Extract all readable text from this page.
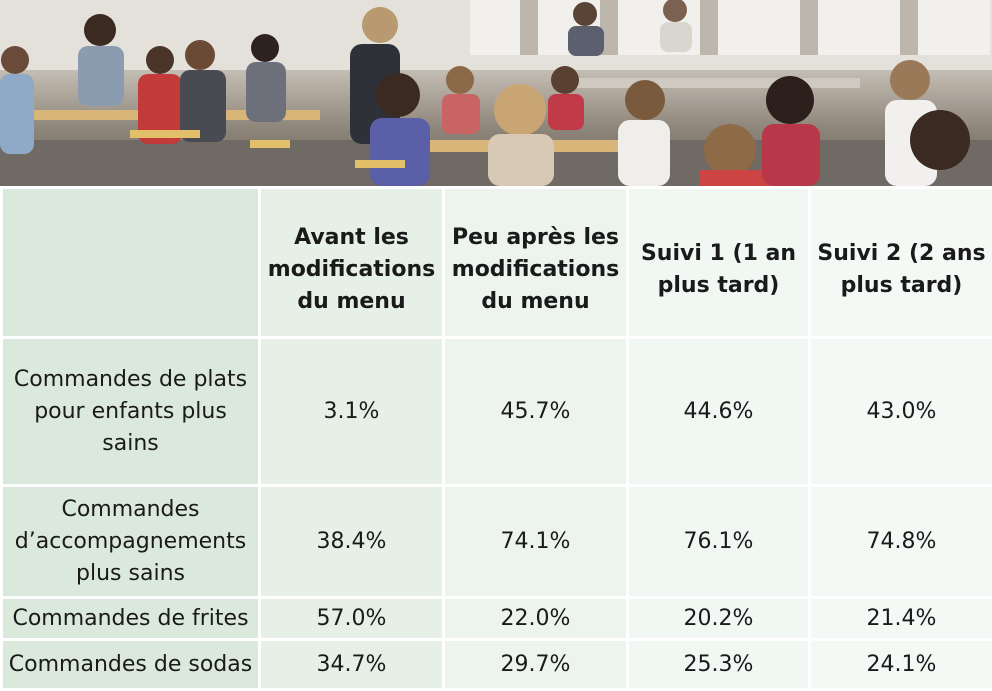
	Avant les modifications du menu	Peu après les modifications du menu	Suivi 1 (1 an plus tard)	Suivi 2 (2 ans plus tard)
Commandes de plats pour enfants plus sains	3.1%	45.7%	44.6%	43.0%
Commandes d’accompagnements plus sains	38.4%	74.1%	76.1%	74.8%
Commandes de frites	57.0%	22.0%	20.2%	21.4%
Commandes de sodas	34.7%	29.7%	25.3%	24.1%
